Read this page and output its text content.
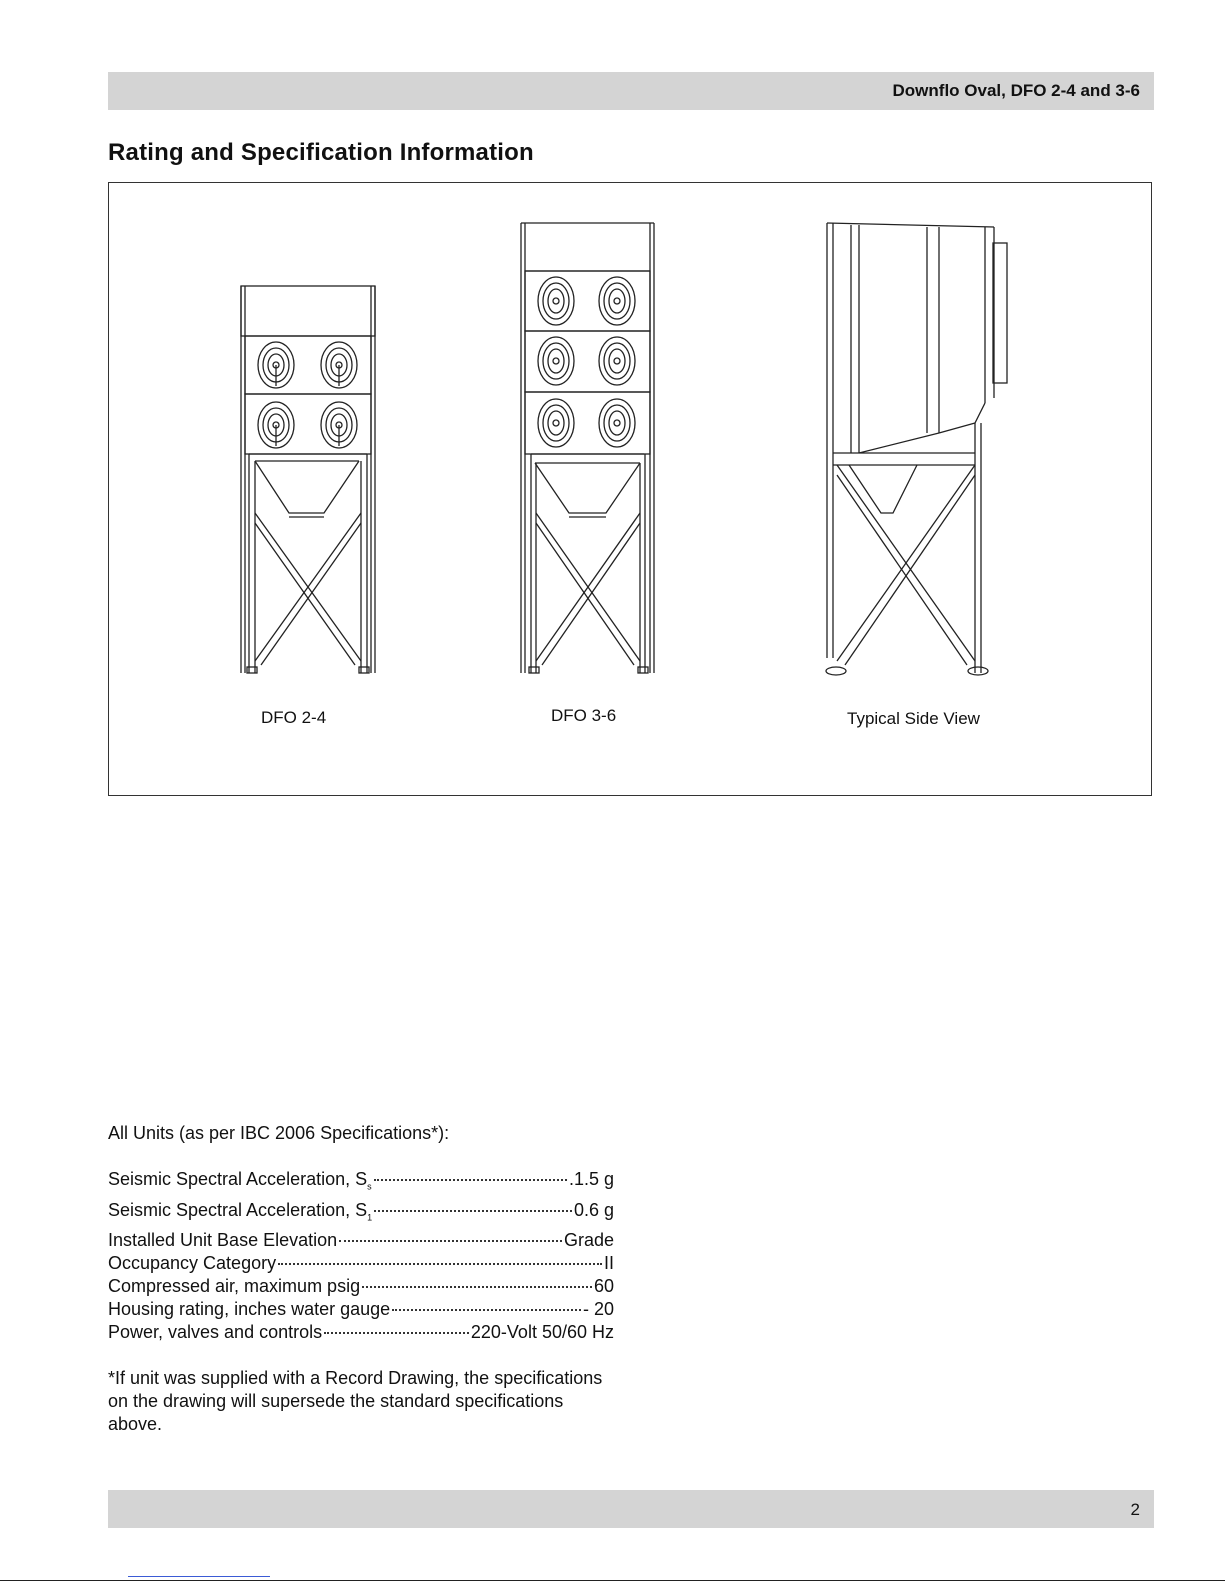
Downflo Oval, DFO 2-4 and 3-6
Rating and Specification Information
DFO 2-4	DFO 3-6	Typical Side View
All Units (as per IBC 2006 Specifications*):
Seismic Spectral Acceleration, $S_s$	.1.5 g
Seismic Spectral Acceleration, $S_1$	0.6 g
Installed Unit Base Elevation	Grade
Occupancy Category	II
Compressed air, maximum psig	60
Housing rating, inches water gauge	- 20
Power, valves and controls	220-Volt 50/60 Hz
*If unit was supplied with a Record Drawing, the specifications on the drawing will supersede the standard specifications above.
2
